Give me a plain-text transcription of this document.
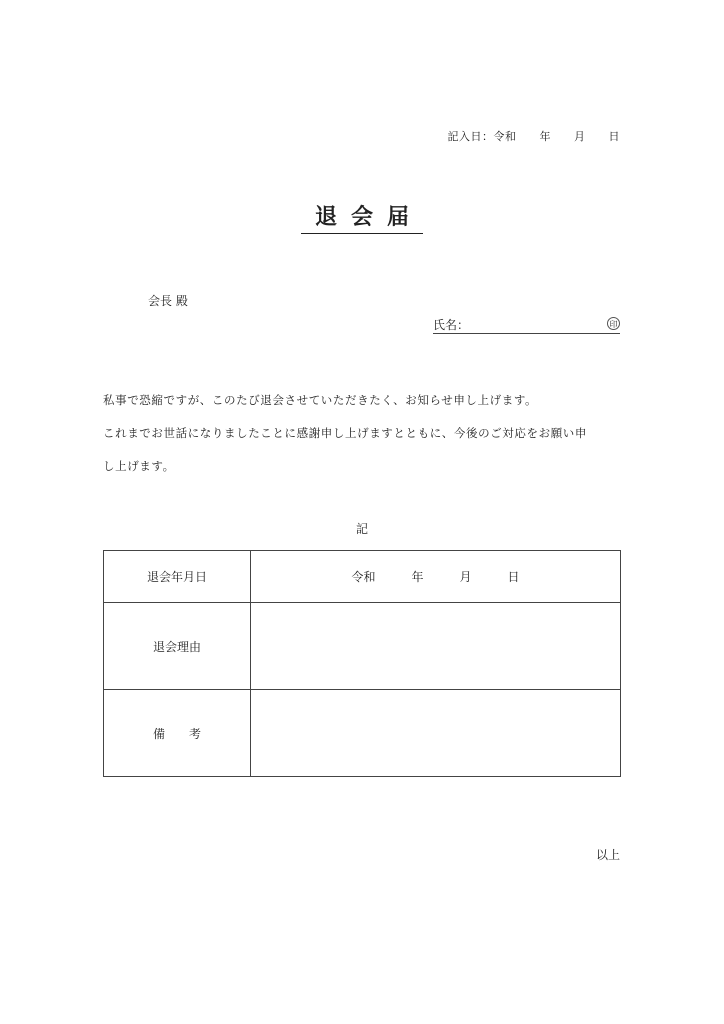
記入日：令和　　年　　月　　日
退会届
会長 殿
氏名：	印
私事で恐縮ですが、このたび退会させていただきたく、お知らせ申し上げます。
これまでお世話になりましたことに感謝申し上げますとともに、今後のご対応をお願い申
し上げます。
記
退会年月日	令和　　　年　　　月　　　日
退会理由	
備　　考	
以上
